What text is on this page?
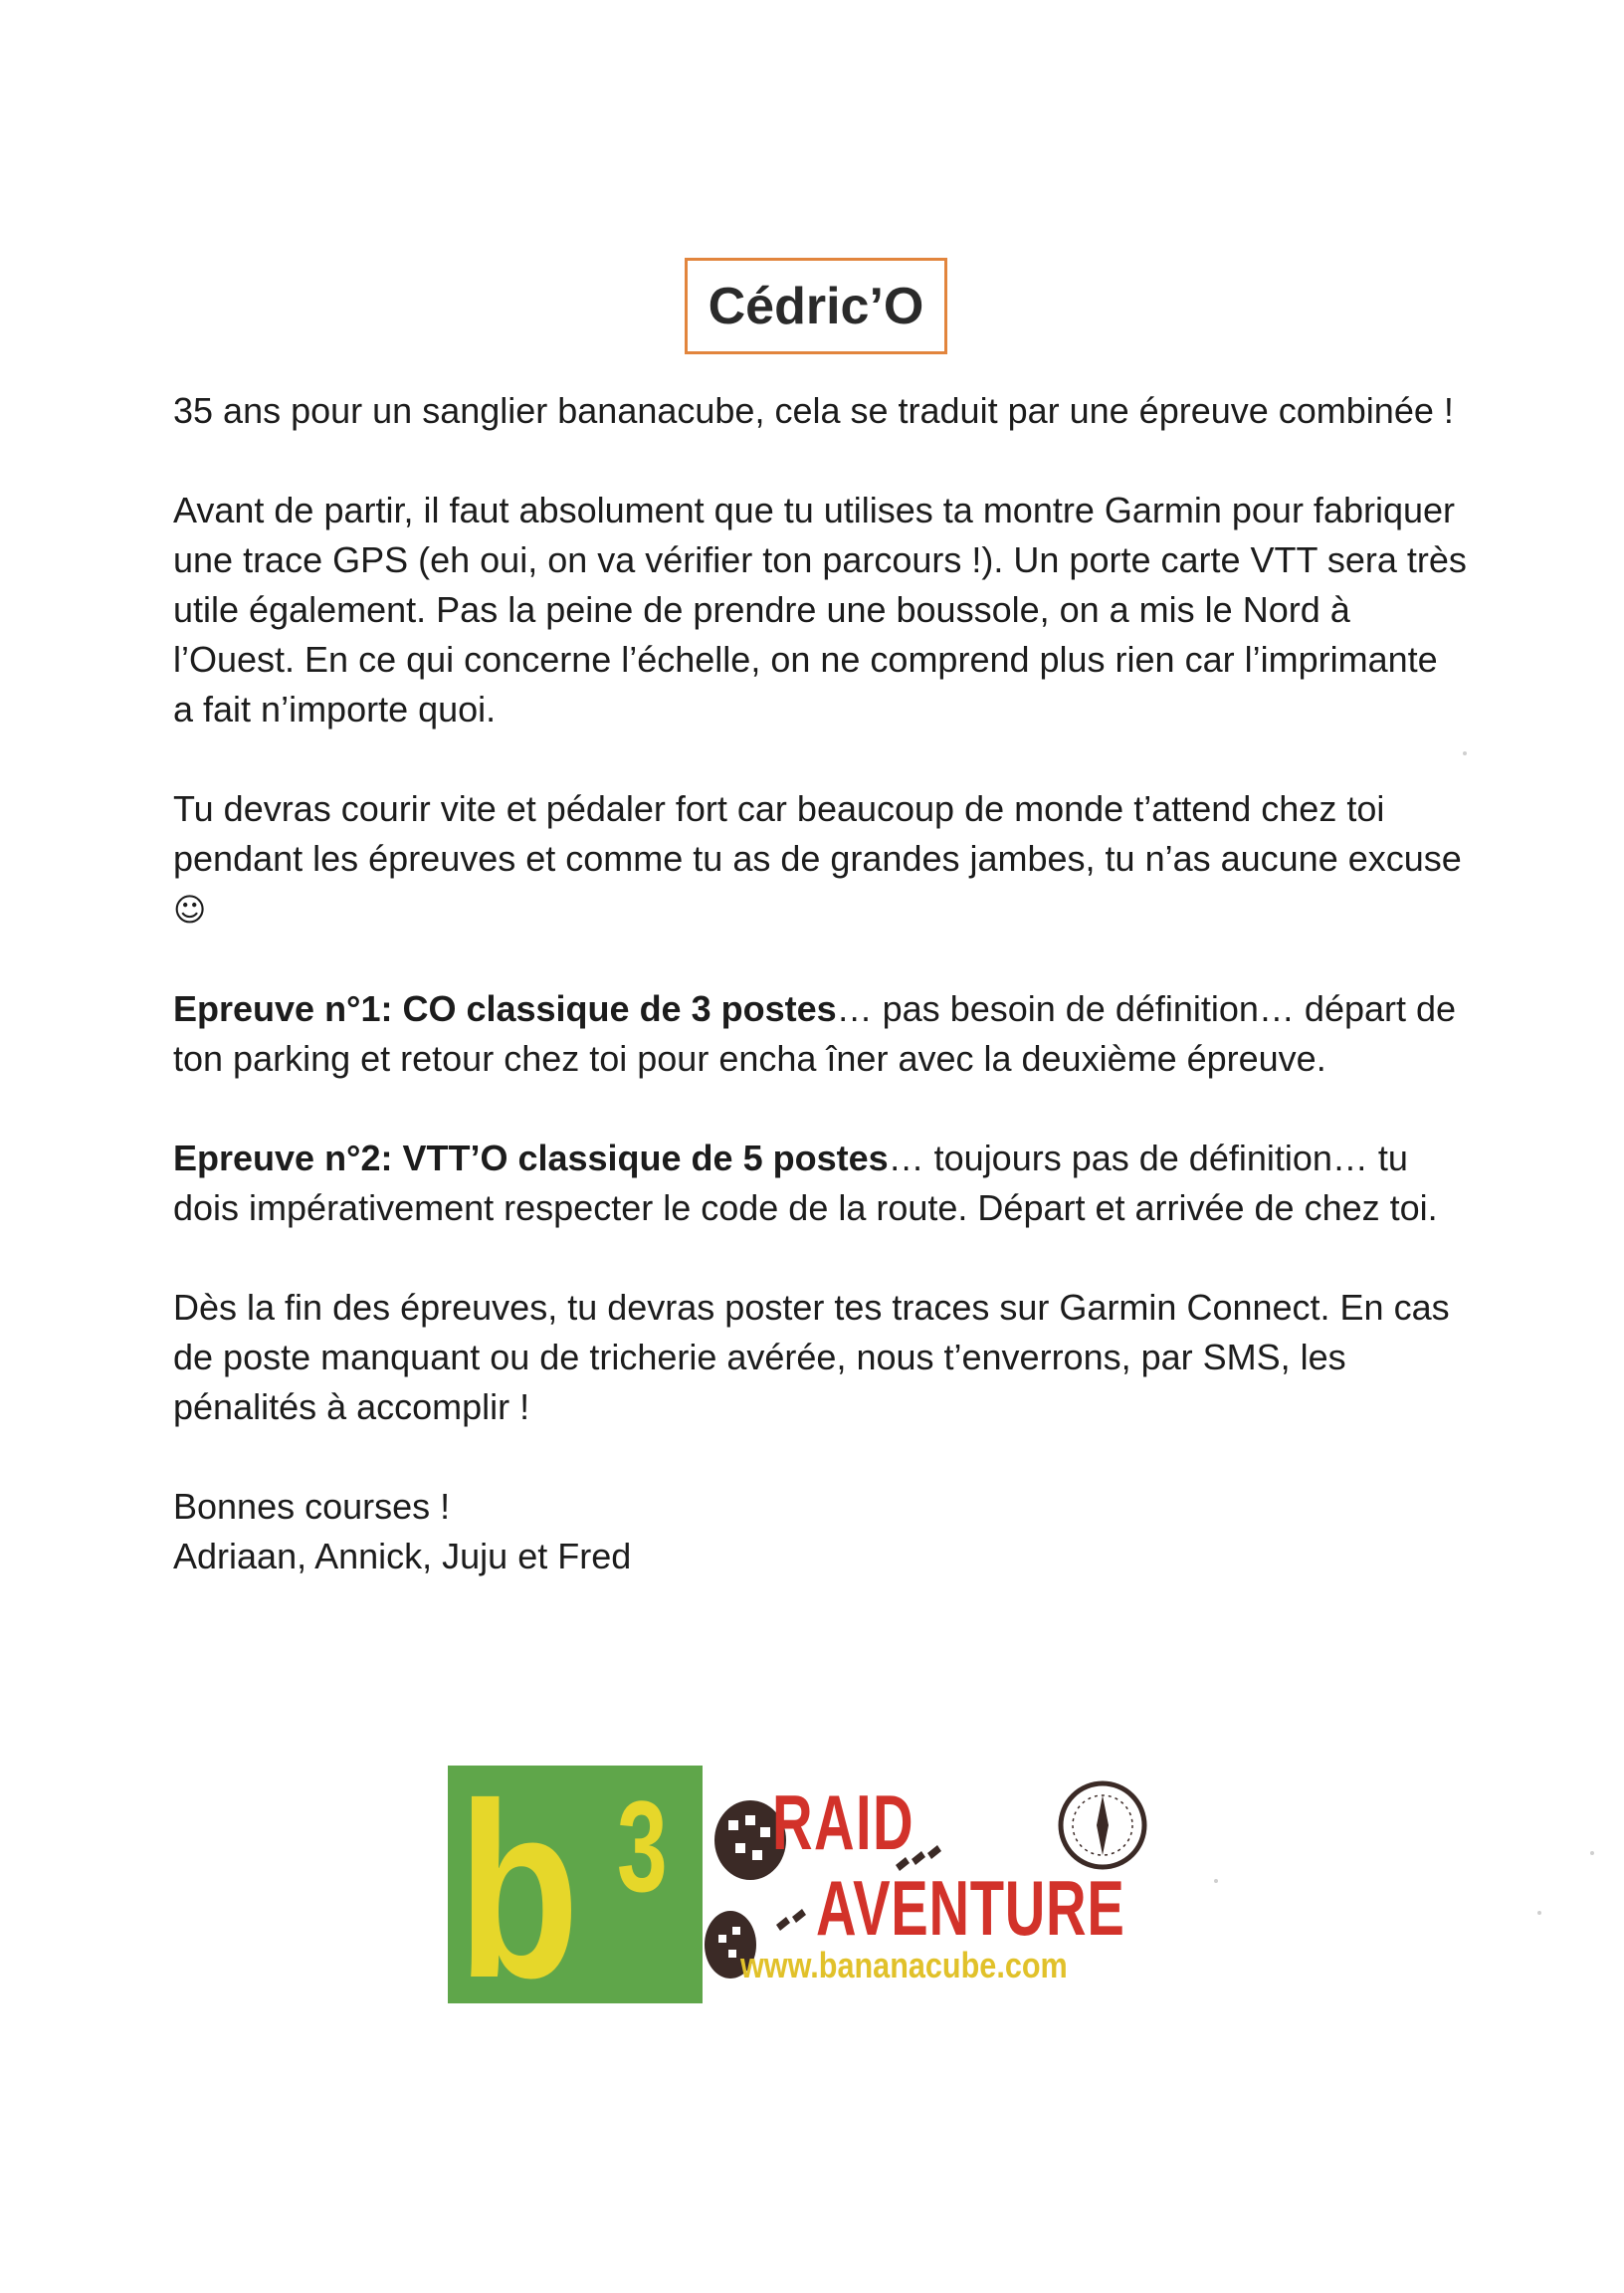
Cédric’O

35 ans pour un sanglier bananacube, cela se traduit par une épreuve combinée !

Avant de partir, il faut absolument que tu utilises ta montre Garmin pour fabriquer une trace GPS (eh oui, on va vérifier ton parcours !). Un porte carte VTT sera très utile également. Pas la peine de prendre une boussole, on a mis le Nord à l’Ouest. En ce qui concerne l’échelle, on ne comprend plus rien car l’imprimante a fait n’importe quoi.

Tu devras courir vite et pédaler fort car beaucoup de monde t’attend chez toi pendant les épreuves et comme tu as de grandes jambes, tu n’as aucune excuse ☺

Epreuve n°1: CO classique de 3 postes… pas besoin de définition… départ de ton parking et retour chez toi pour encha îner avec la deuxième épreuve.

Epreuve n°2: VTT’O classique de 5 postes… toujours pas de définition… tu dois impérativement respecter le code de la route. Départ et arrivée de chez toi.

Dès la fin des épreuves, tu devras poster tes traces sur Garmin Connect. En cas de poste manquant ou de tricherie avérée, nous t’enverrons, par SMS, les pénalités à accomplir !

Bonnes courses !

Adriaan, Annick, Juju et Fred

b 3 RAID
AVENTURE
www.bananacube.com
